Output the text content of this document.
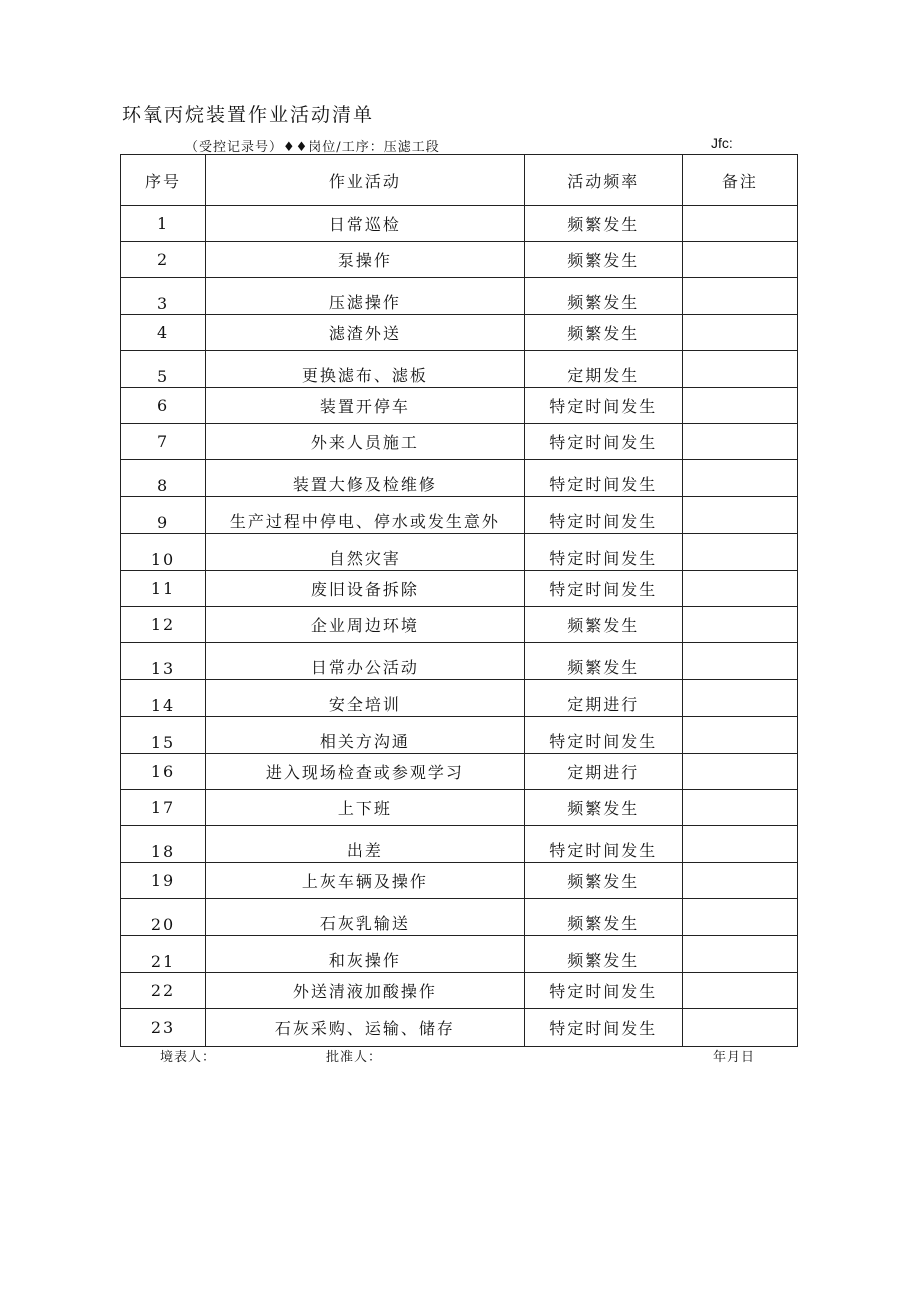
环氧丙烷装置作业活动清单
（受控记录号）♦♦岗位/工序：压滤工段	Jfc:
序号	作业活动	活动频率	备注
1	日常巡检	频繁发生	
2	泵操作	频繁发生	
3	压滤操作	频繁发生	
4	滤渣外送	频繁发生	
5	更换滤布、滤板	定期发生	
6	装置开停车	特定时间发生	
7	外来人员施工	特定时间发生	
8	装置大修及检维修	特定时间发生	
9	生产过程中停电、停水或发生意外	特定时间发生	
10	自然灾害	特定时间发生	
11	废旧设备拆除	特定时间发生	
12	企业周边环境	频繁发生	
13	日常办公活动	频繁发生	
14	安全培训	定期进行	
15	相关方沟通	特定时间发生	
16	进入现场检查或参观学习	定期进行	
17	上下班	频繁发生	
18	出差	特定时间发生	
19	上灰车辆及操作	频繁发生	
20	石灰乳输送	频繁发生	
21	和灰操作	频繁发生	
22	外送清液加酸操作	特定时间发生	
23	石灰采购、运输、储存	特定时间发生	
境表人：	批准人：	年月日
